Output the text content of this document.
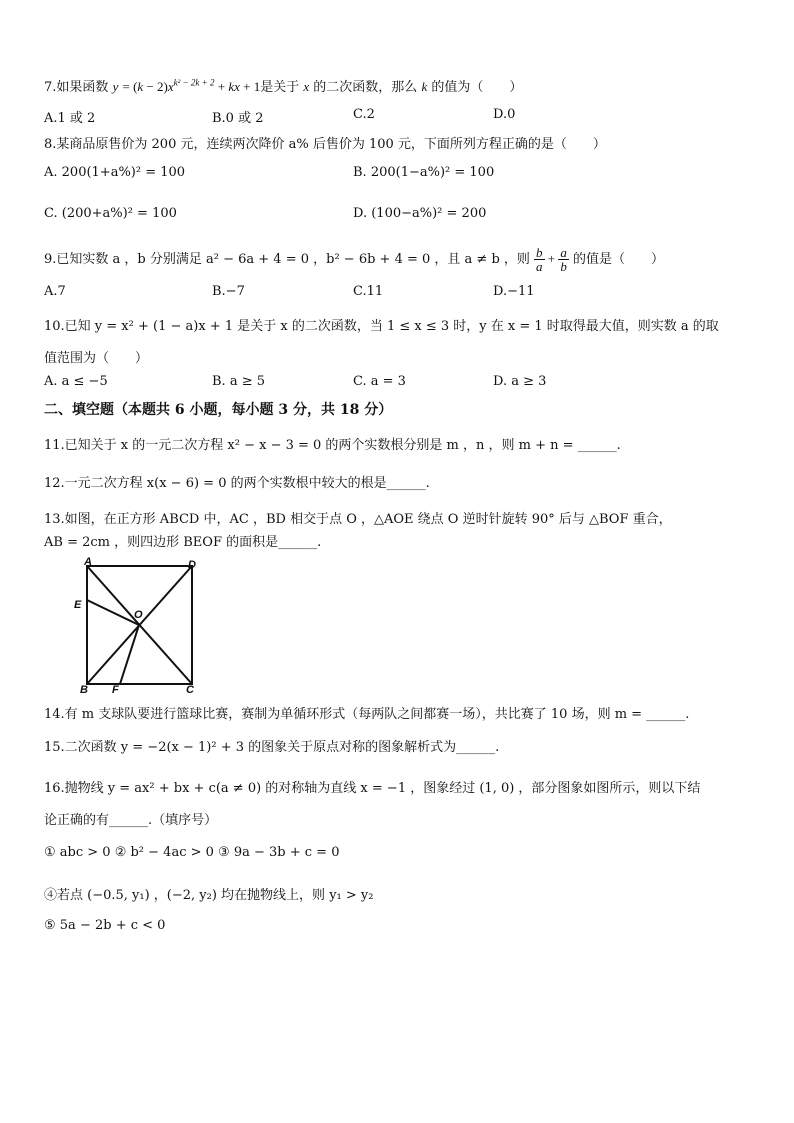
7.如果函数 $y = (k - 2)x^{k^2 - 2k + 2}$ + kx + 1是关于 x 的二次函数，那么 k 的值为（　　）
A.1 或 2	B.0 或 2	C.2	D.0
8.某商品原售价为 200 元，连续两次降价 a% 后售价为 100 元，下面所列方程正确的是（　　）
A. 200(1+a%)² = 100	B. 200(1−a%)² = 100
C. (200+a%)² = 100	D. (100−a%)² = 200
9.已知实数 a ，b 分别满足 a² − 6a + 4 = 0 ，b² − 6b + 4 = 0 ，且 a ≠ b ，则 $\frac{b}{a} + \frac{a}{b}$ 的值是（　　）
A.7	B.−7	C.11	D.−11
10.已知 y = x² + (1 − a)x + 1 是关于 x 的二次函数，当 1 ≤ x ≤ 3 时，y 在 x = 1 时取得最大值，则实数 a 的取
值范围为（　　）
A. a ≤ −5	B. a ≥ 5	C. a = 3	D. a ≥ 3
二、填空题（本题共 6 小题，每小题 3 分，共 18 分）
11.已知关于 x 的一元二次方程 x² − x − 3 = 0 的两个实数根分别是 m ，n ，则 m + n = ______.
12.一元二次方程 x(x − 6) = 0 的两个实数根中较大的根是______.
13.如图，在正方形 ABCD 中，AC ，BD 相交于点 O ，△AOE 绕点 O 逆时针旋转 90° 后与 △BOF 重合，
AB = 2cm ，则四边形 BEOF 的面积是______.
A	D
E
O
B F	C
14.有 m 支球队要进行篮球比赛，赛制为单循环形式（每两队之间都赛一场），共比赛了 10 场，则 m = ______.
15.二次函数 y = −2(x − 1)² + 3 的图象关于原点对称的图象解析式为______.
16.抛物线 y = ax² + bx + c(a ≠ 0) 的对称轴为直线 x = −1 ，图象经过 (1, 0) ，部分图象如图所示，则以下结
论正确的有______.（填序号）
① abc > 0 ② b² − 4ac > 0 ③ 9a − 3b + c = 0
④若点 (−0.5, y₁) ，(−2, y₂) 均在抛物线上，则 y₁ > y₂
⑤ 5a − 2b + c < 0
